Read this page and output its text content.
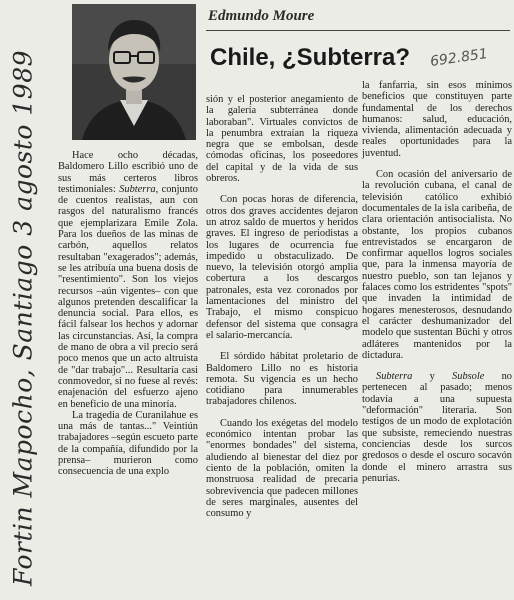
Fortin Mapocho, Santiago 3 agosto 1989
Edmundo Moure
Chile, ¿Subterra? 692.851

Hace ocho décadas, Baldomero Lillo escribió uno de sus más certeros libros testimoniales: Subterra, conjunto de cuentos realistas, aun con rasgos del naturalismo francés que ejemplarizara Emile Zola. Para los dueños de las minas de carbón, aquellos relatos resultaban "exagerados"; además, se les atribuía una buena dosis de "resentimiento". Son los viejos recursos –aún vigentes– con que algunos pretenden descalificar la denuncia social. Para ellos, es fácil falsear los hechos y adornar las circunstancias. Así, la compra de mano de obra a vil precio será poco menos que un acto altruista de "dar trabajo"... Resultaría casi conmovedor, si no fuese al revés: enajenación del esfuerzo ajeno en beneficio de una minoría.

La tragedia de Curanilahue es una más de tantas..." Veintiún trabajadores –según escueto parte de la compañía, difundido por la prensa– murieron como consecuencia de una explo

sión y el posterior anegamiento de la galería subterránea donde laboraban". Virtuales convictos de la penumbra extraían la riqueza negra que se embolsan, desde cómodas oficinas, los poseedores del capital y de la vida de sus obreros.

Con pocas horas de diferencia, otros dos graves accidentes dejaron un atroz saldo de muertos y heridos graves. El ingreso de periodistas a los lugares de ocurrencia fue impedido u obstaculizado. De nuevo, la televisión otorgó amplia cobertura a los descargos patronales, esta vez coronados por lamentaciones del ministro del Trabajo, el mismo conspicuo defensor del sistema que consagra el salario-mercancía.

El sórdido hábitat proletario de Baldomero Lillo no es historia remota. Su vigencia es un hecho cotidiano para innumerables trabajadores chilenos.

Cuando los exégetas del modelo económico intentan probar las "enormes bondades" del sistema, aludiendo al bienestar del diez por ciento de la población, omiten la monstruosa realidad de precaria sobrevivencia que padecen millones de seres marginales, ausentes del consumo y

la fanfarria, sin esos mínimos beneficios que constituyen parte fundamental de los derechos humanos: salud, educación, vivienda, alimentación adecuada y reales oportunidades para la juventud.

Con ocasión del aniversario de la revolución cubana, el canal de televisión católico exhibió documentales de la isla caribeña, de clara orientación antisocialista. No obstante, los propios cubanos entrevistados se encargaron de confirmar aquellos logros sociales que, para la inmensa mayoría de nuestro pueblo, son tan lejanos y falaces como los estridentes "spots" que invaden la intimidad de hogares menesterosos, desnudando el carácter deshumanizador del modelo que sustentan Büchi y otros adláteres mantenidos por la dictadura.

Subterra y Subsole no pertenecen al pasado; menos todavía a una supuesta "deformación" literaria. Son testigos de un modo de explotación que subsiste, remeciendo nuestras conciencias desde los surcos gredosos o desde el oscuro socavón donde el minero arrastra sus penurias.
